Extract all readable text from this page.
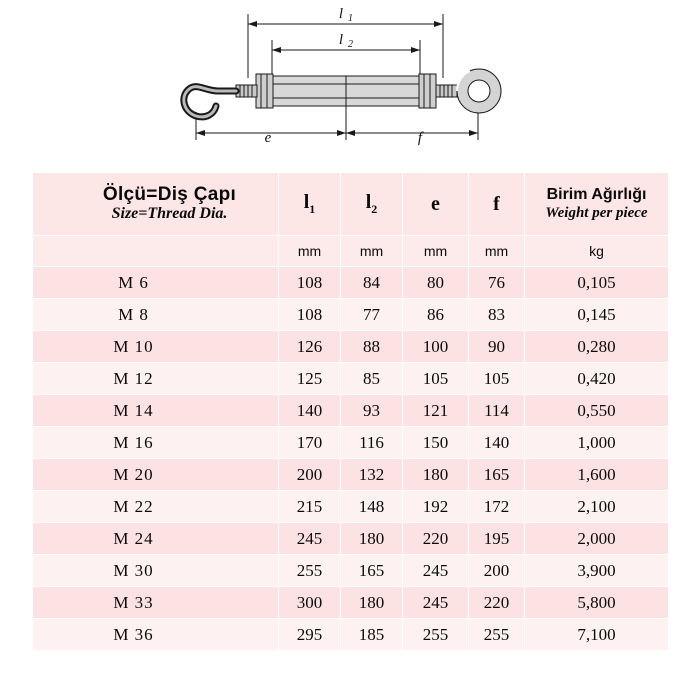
l 1
l 2
e	f
Ölçü=Diş Çapı
Size=Thread Dia.
	$l_1$	$l_2$	e	f	Birim Ağırlığı
Weight per piece

	mm	mm	mm	mm	kg
M 6	108	84	80	76	0,105
M 8	108	77	86	83	0,145
M 10	126	88	100	90	0,280
M 12	125	85	105	105	0,420
M 14	140	93	121	114	0,550
M 16	170	116	150	140	1,000
M 20	200	132	180	165	1,600
M 22	215	148	192	172	2,100
M 24	245	180	220	195	2,000
M 30	255	165	245	200	3,900
M 33	300	180	245	220	5,800
M 36	295	185	255	255	7,100
